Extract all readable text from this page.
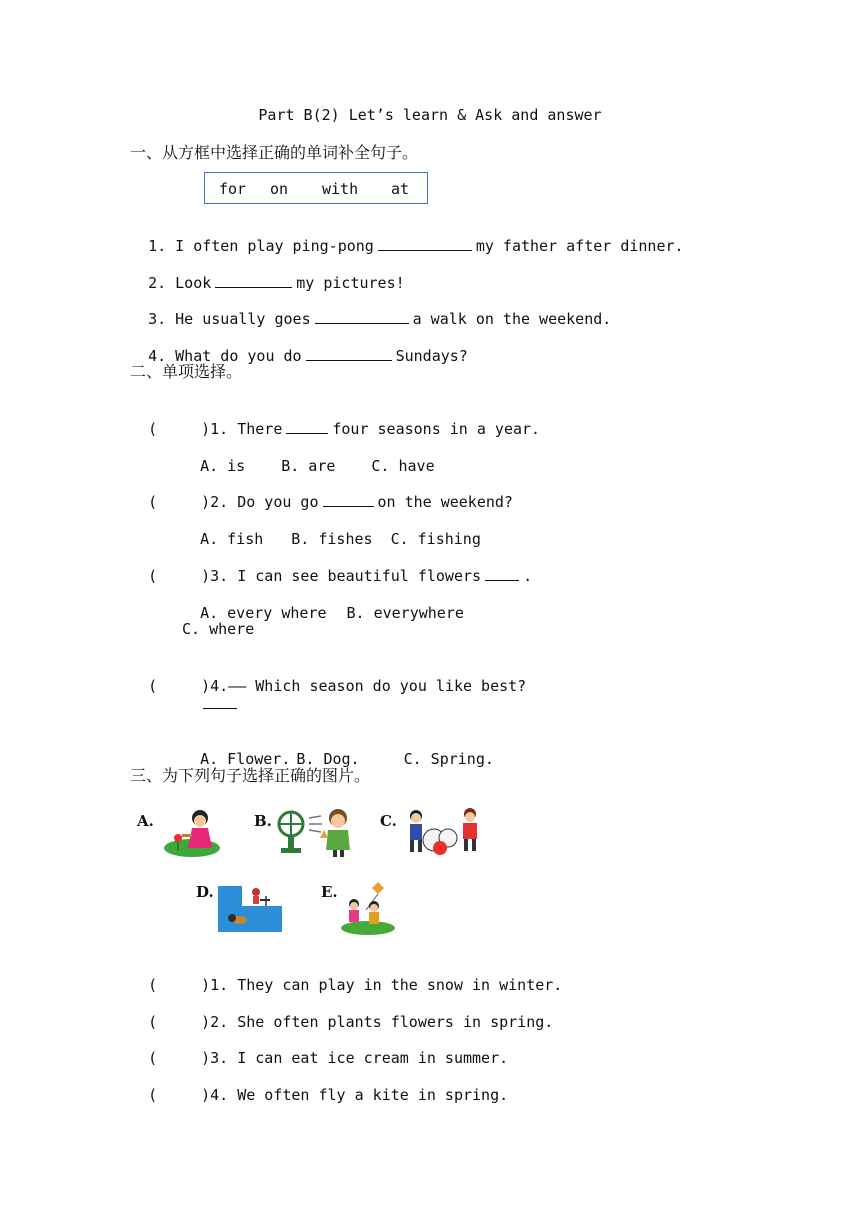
Part B(2) Let’s learn & Ask and answer
一、从方框中选择正确的单词补全句子。
for on with at

1. I often play ping-pong	my father after dinner.

2. Look	my pictures!

3. He usually goes	a walk on the weekend.

4. What do you do	Sundays?

二、单项选择。

(	)1. There	four seasons in a year.

A. is B. are C. have

(	)2. Do you go	on the weekend?

A. fish B. fishes C. fishing

(	)3. I can see beautiful flowers	.

A. every where B. everywhere

C. where

(	)4.—— Which season do you like best?

A. Flower. B. Dog.	C. Spring.

三、为下列句子选择正确的图片。
A.	B.	C.
D.	E.

(	)1. They can play in the snow in winter.

(	)2. She often plants flowers in spring.

(	)3. I can eat ice cream in summer.

(	)4. We often fly a kite in spring.
